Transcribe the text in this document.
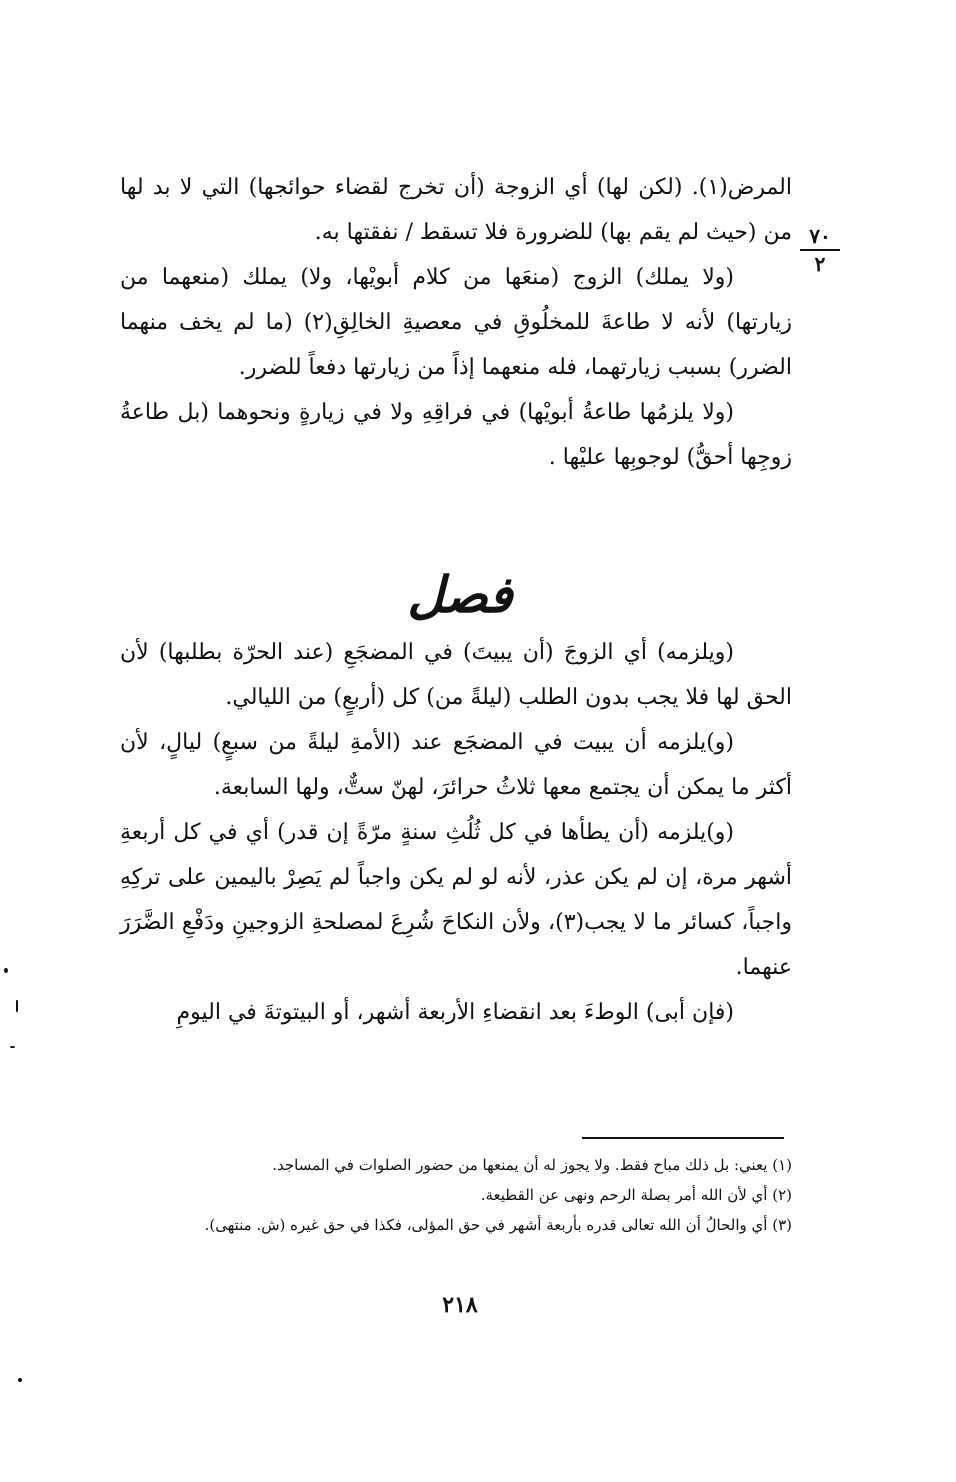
٧٠
٢

المرض(١). (لكن لها) أي الزوجة (أن تخرج لقضاء حوائجها) التي لا بد لها من (حيث لم يقم بها) للضرورة فلا تسقط / نفقتها به.

(ولا يملك) الزوج (منعَها من كلام أبويْها، ولا) يملك (منعهما من زيارتها) لأنه لا طاعةَ للمخلُوقِ في معصيةِ الخالِقِ(٢) (ما لم يخف منهما الضرر) بسبب زيارتهما، فله منعهما إذاً من زيارتها دفعاً للضرر.

(ولا يلزمُها طاعةُ أبويْها) في فراقِهِ ولا في زيارةٍ ونحوهما (بل طاعةُ زوجِها أحقُّ) لوجوبِها عليْها .

فصل

(ويلزمه) أي الزوجَ (أن يبيتَ) في المضجَعِ (عند الحرّة بطلبها) لأن الحق لها فلا يجب بدون الطلب (ليلةً من) كل (أربعٍ) من الليالي.

(و)يلزمه أن يبيت في المضجَع عند (الأمةِ ليلةً من سبعٍ) ليالٍ، لأن أكثر ما يمكن أن يجتمع معها ثلاثُ حرائرَ، لهنّ ستٌّ، ولها السابعة.

(و)يلزمه (أن يطأها في كل ثُلُثِ سنةٍ مرّةً إن قدر) أي في كل أربعةِ أشهر مرة، إن لم يكن عذر، لأنه لو لم يكن واجباً لم يَصِرْ باليمين على تركِهِ واجباً، كسائر ما لا يجب(٣)، ولأن النكاحَ شُرِعَ لمصلحةِ الزوجينِ ودَفْعِ الضَّرَرَ عنهما.

(فإن أبى) الوطءَ بعد انقضاءِ الأربعة أشهر، أو البيتوتةَ في اليومِ

(١) يعني: بل ذلك مباح فقط. ولا يجوز له أن يمنعها من حضور الصلوات في المساجد.

(٢) أي لأن الله أمر بصلة الرحم ونهى عن القطيعة.

(٣) أي والحالُ أن الله تعالى قدره بأربعة أشهر في حق المؤلى، فكذا في حق غيره (ش. منتهى).

٢١٨
